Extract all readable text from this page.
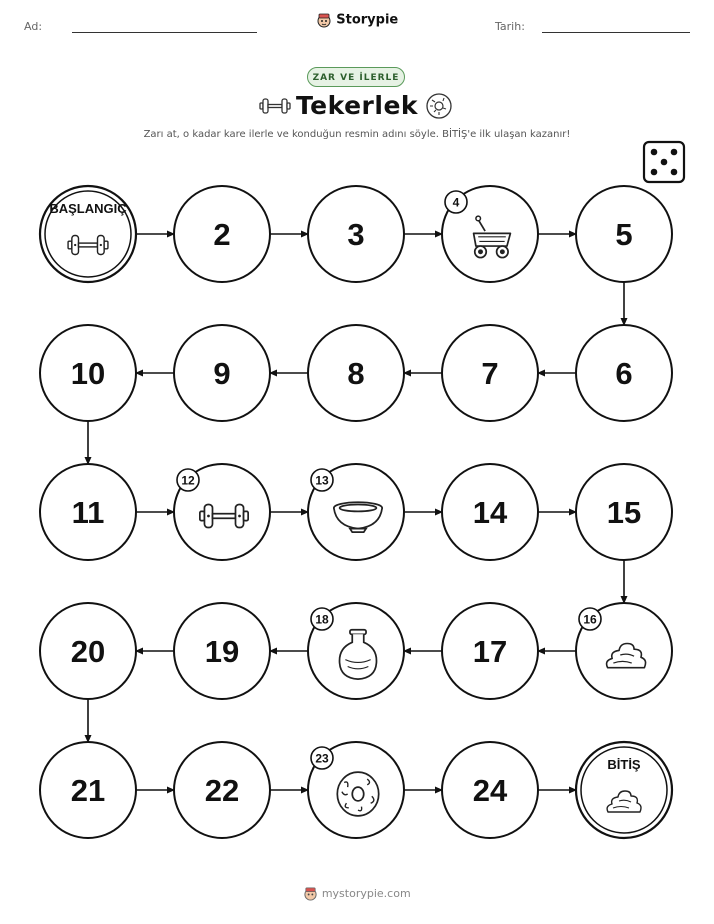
Ad:	Tarih:
Storypie
ZAR VE İLERLE
Tekerlek
Zarı at, o kadar kare ilerle ve konduğun resmin adını söyle. BİTİŞ'e ilk ulaşan kazanır!
BAŞLANGIÇ
2	3
4
5
6
7
8
9
10
11
12	13
14	15
16
17
18
19
20
21	22
23
24
BİTİŞ
mystorypie.com
